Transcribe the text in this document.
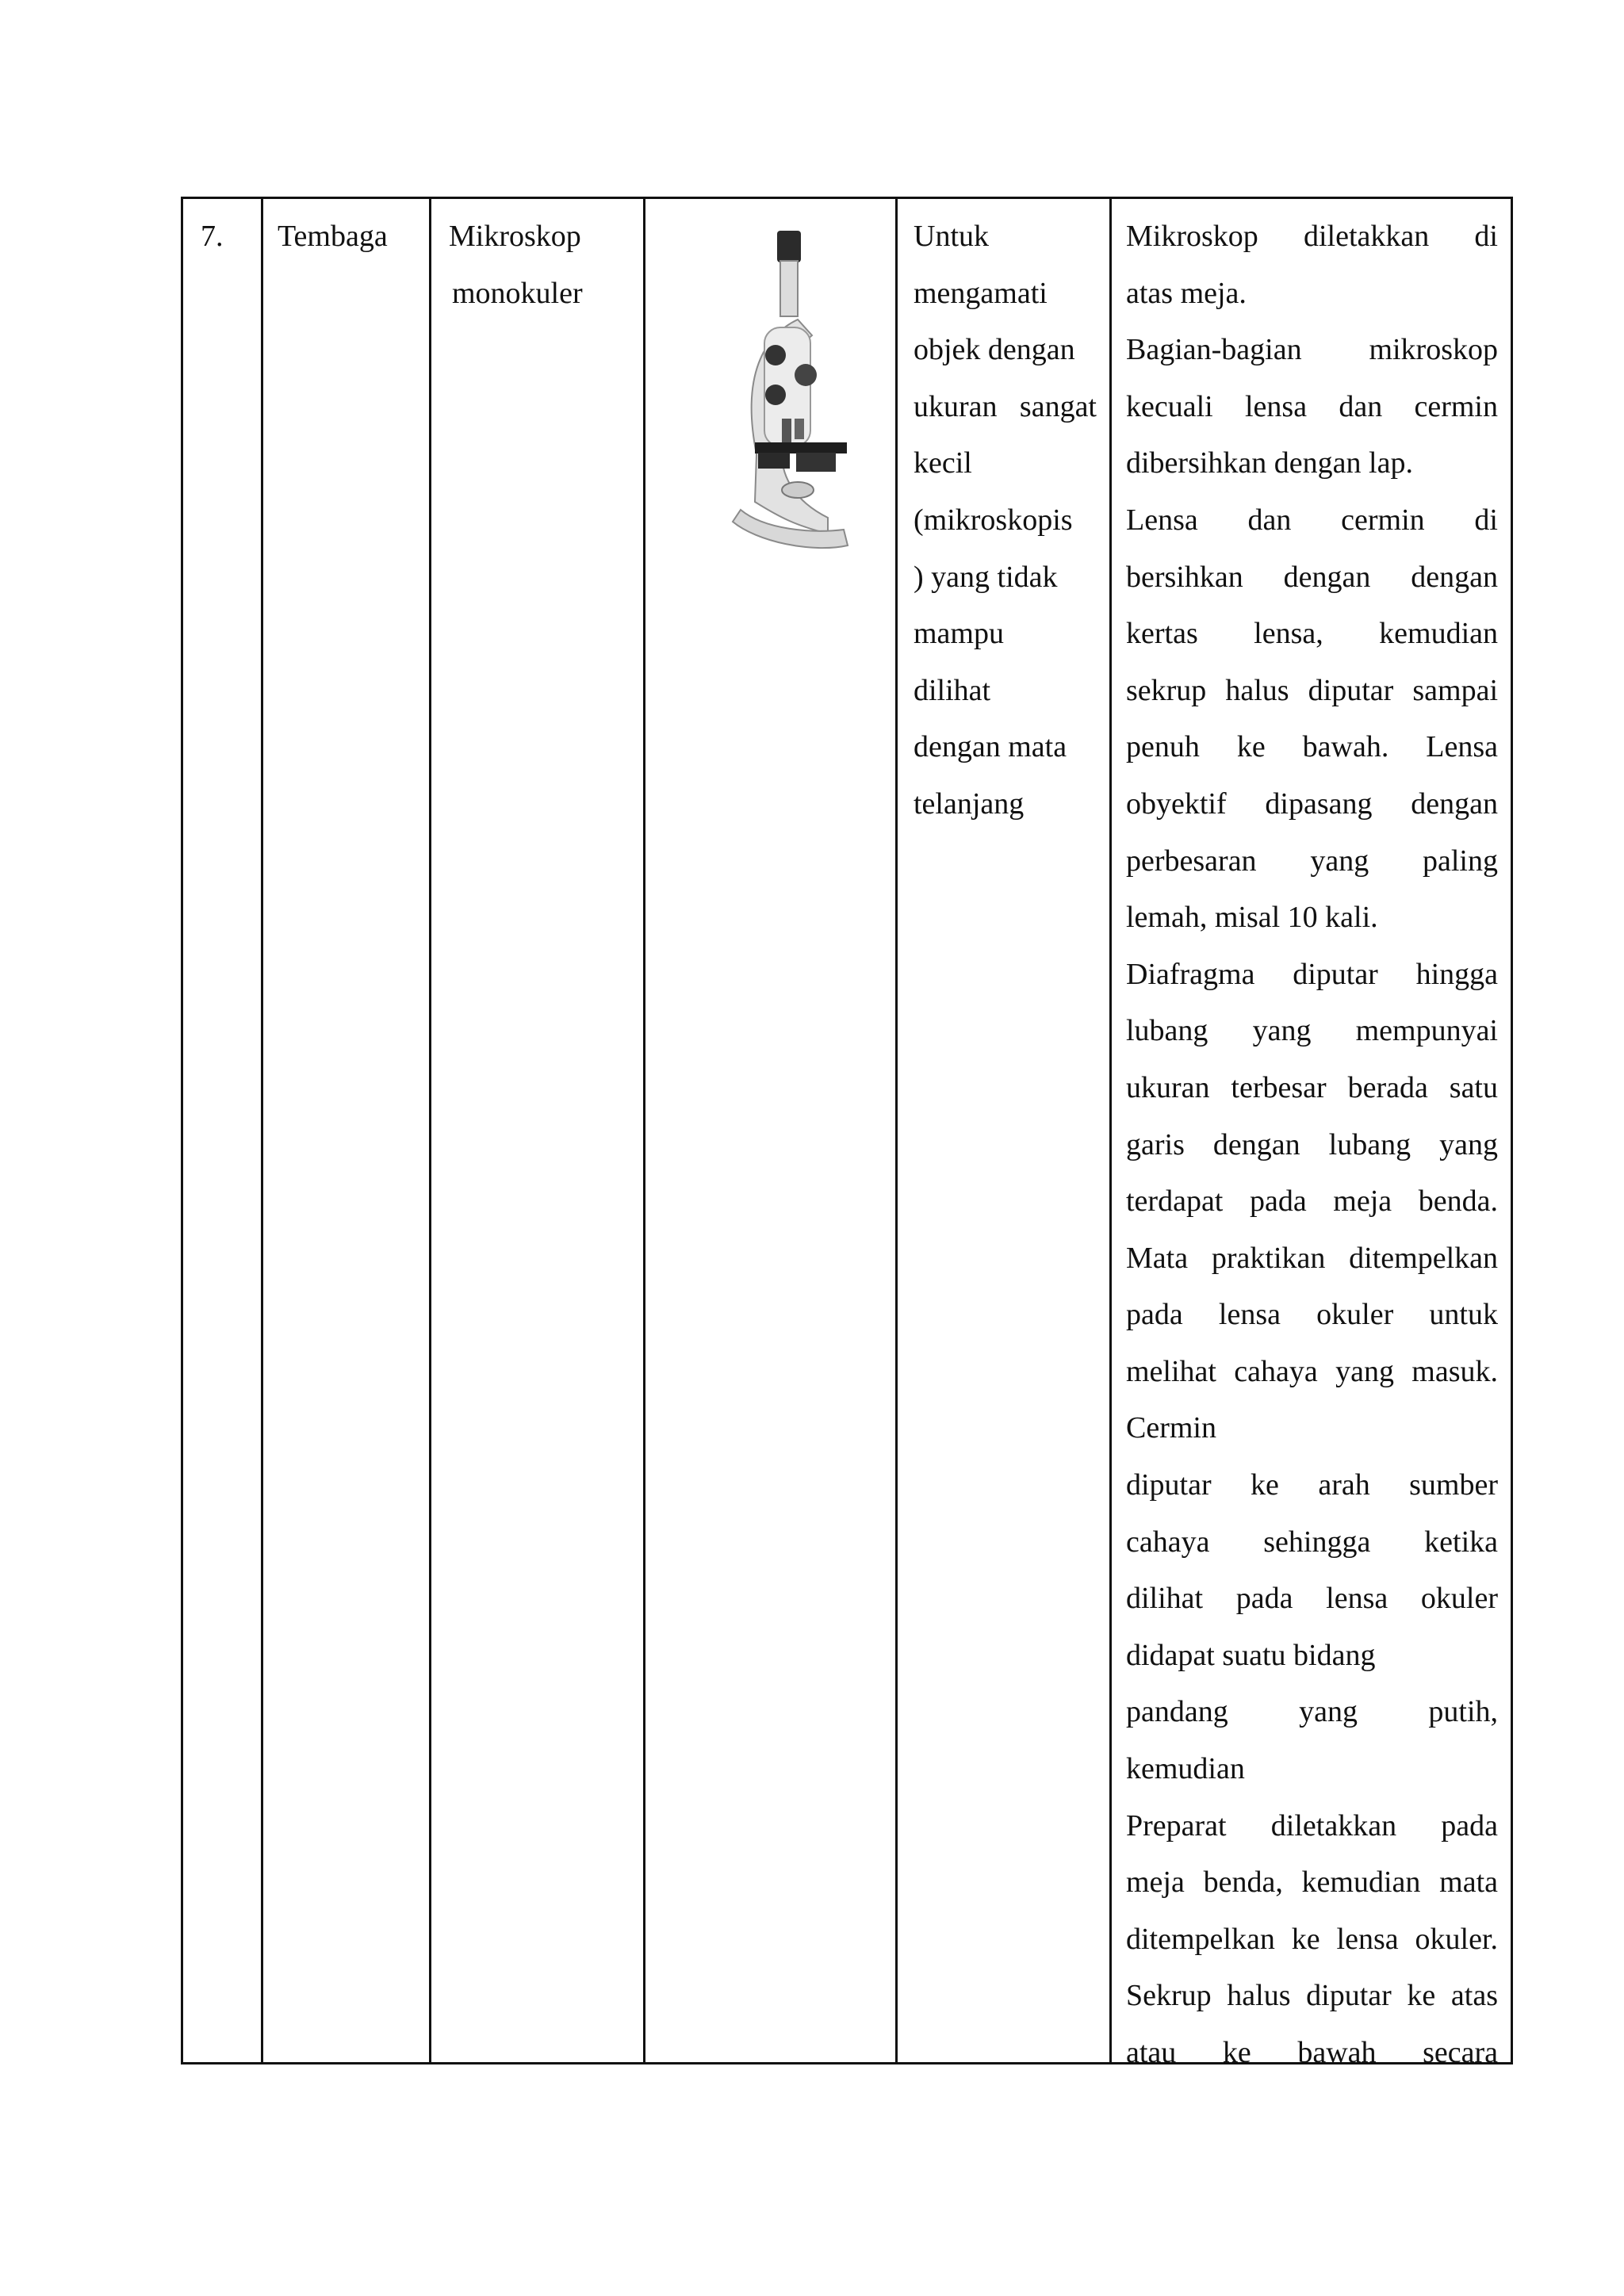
7. Tembaga Mikroskop
monokuler
Untuk
mengamati
objek dengan
ukuran sangat
kecil
(mikroskopis
) yang tidak
mampu
dilihat
dengan mata
telanjang
Mikroskop diletakkan di
atas meja.
Bagian-bagian mikroskop
kecuali lensa dan cermin
dibersihkan dengan lap.
Lensa dan cermin di
bersihkan dengan dengan
kertas lensa, kemudian
sekrup halus diputar sampai
penuh ke bawah. Lensa
obyektif dipasang dengan
perbesaran yang paling
lemah, misal 10 kali.
Diafragma diputar hingga
lubang yang mempunyai
ukuran terbesar berada satu
garis dengan lubang yang
terdapat pada meja benda.
Mata praktikan ditempelkan
pada lensa okuler untuk
melihat cahaya yang masuk.
Cermin
diputar ke arah sumber
cahaya sehingga ketika
dilihat pada lensa okuler
didapat suatu bidang
pandang yang putih,
kemudian
Preparat diletakkan pada
meja benda, kemudian mata
ditempelkan ke lensa okuler.
Sekrup halus diputar ke atas
atau ke bawah secara
